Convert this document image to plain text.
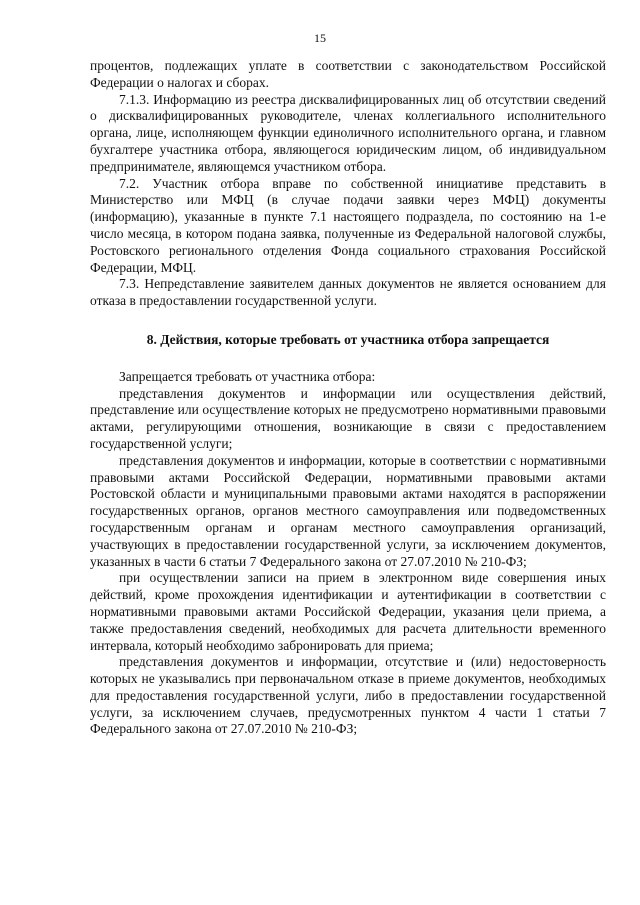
15

процентов, подлежащих уплате в соответствии с законодательством Российской Федерации о налогах и сборах.

7.1.3. Информацию из реестра дисквалифицированных лиц об отсутствии сведений о дисквалифицированных руководителе, членах коллегиального исполнительного органа, лице, исполняющем функции единоличного исполнительного органа, и главном бухгалтере участника отбора, являющегося юридическим лицом, об индивидуальном предпринимателе, являющемся участником отбора.

7.2. Участник отбора вправе по собственной инициативе представить в Министерство или МФЦ (в случае подачи заявки через МФЦ) документы (информацию), указанные в пункте 7.1 настоящего подраздела, по состоянию на 1-е число месяца, в котором подана заявка, полученные из Федеральной налоговой службы, Ростовского регионального отделения Фонда социального страхования Российской Федерации, МФЦ.

7.3. Непредставление заявителем данных документов не является основанием для отказа в предоставлении государственной услуги.

8. Действия, которые требовать от участника отбора запрещается

Запрещается требовать от участника отбора:

представления документов и информации или осуществления действий, представление или осуществление которых не предусмотрено нормативными правовыми актами, регулирующими отношения, возникающие в связи с предоставлением государственной услуги;

представления документов и информации, которые в соответствии с нормативными правовыми актами Российской Федерации, нормативными правовыми актами Ростовской области и муниципальными правовыми актами находятся в распоряжении государственных органов, органов местного самоуправления или подведомственных государственным органам и органам местного самоуправления организаций, участвующих в предоставлении государственной услуги, за исключением документов, указанных в части 6 статьи 7 Федерального закона от 27.07.2010 № 210-ФЗ;

при осуществлении записи на прием в электронном виде совершения иных действий, кроме прохождения идентификации и аутентификации в соответствии с нормативными правовыми актами Российской Федерации, указания цели приема, а также предоставления сведений, необходимых для расчета длительности временного интервала, который необходимо забронировать для приема;

представления документов и информации, отсутствие и (или) недостоверность которых не указывались при первоначальном отказе в приеме документов, необходимых для предоставления государственной услуги, либо в предоставлении государственной услуги, за исключением случаев, предусмотренных пунктом 4 части 1 статьи 7 Федерального закона от 27.07.2010 № 210-ФЗ;
